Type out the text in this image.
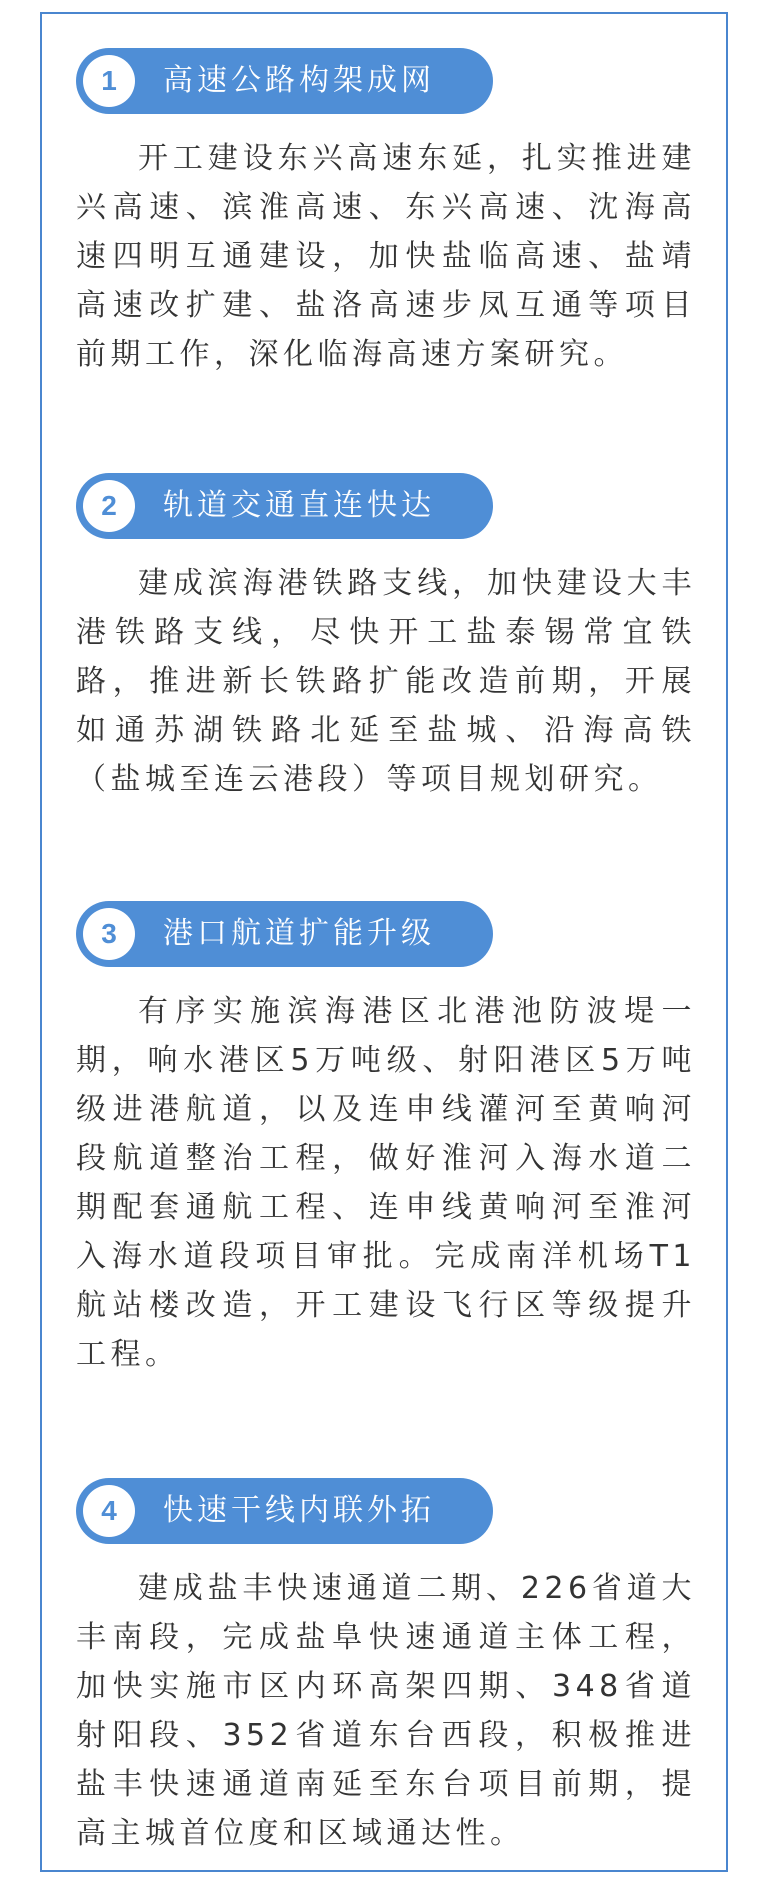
1	高速公路构架成网

开工建设东兴高速东延，扎实推进建兴高速、滨淮高速、东兴高速、沈海高速四明互通建设，加快盐临高速、盐靖高速改扩建、盐洛高速步凤互通等项目前期工作，深化临海高速方案研究。

2	轨道交通直连快达

建成滨海港铁路支线，加快建设大丰港铁路支线，尽快开工盐泰锡常宜铁路，推进新长铁路扩能改造前期，开展如通苏湖铁路北延至盐城、沿海高铁（盐城至连云港段）等项目规划研究。

3	港口航道扩能升级

有序实施滨海港区北港池防波堤一期，响水港区5万吨级、射阳港区5万吨级进港航道，以及连申线灌河至黄响河段航道整治工程，做好淮河入海水道二期配套通航工程、连申线黄响河至淮河入海水道段项目审批。完成南洋机场T1航站楼改造，开工建设飞行区等级提升工程。

4	快速干线内联外拓

建成盐丰快速通道二期、226省道大丰南段，完成盐阜快速通道主体工程，加快实施市区内环高架四期、348省道射阳段、352省道东台西段，积极推进盐丰快速通道南延至东台项目前期，提高主城首位度和区域通达性。
